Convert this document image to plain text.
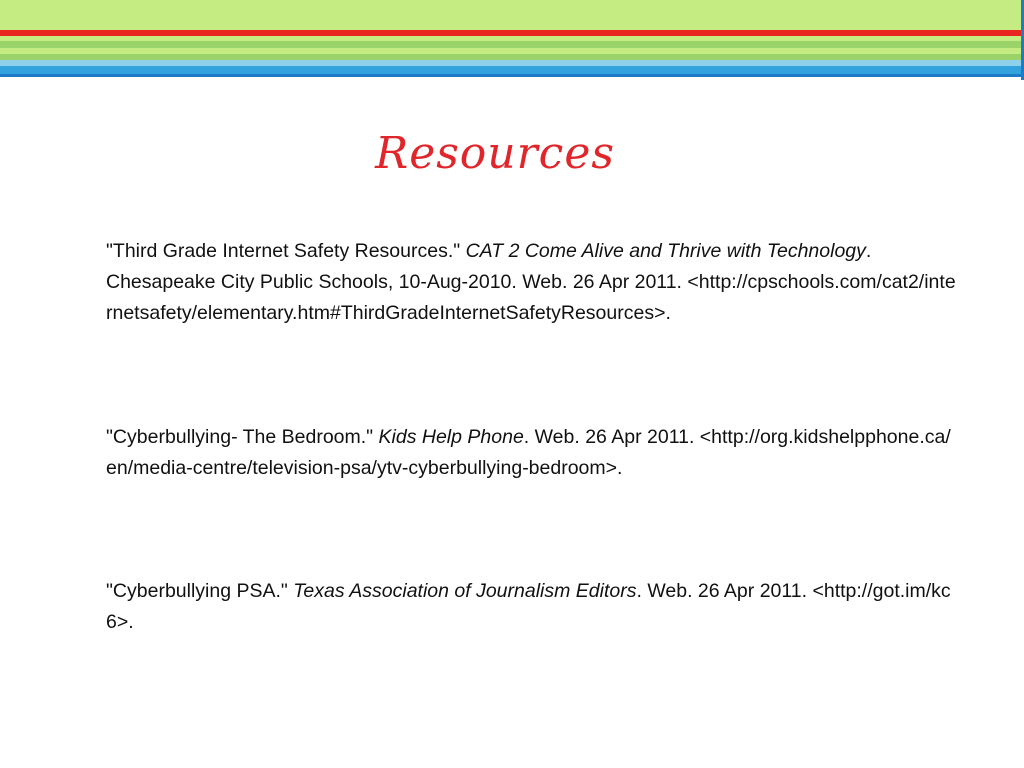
Resources
"Third Grade Internet Safety Resources." CAT 2 Come Alive and Thrive with Technology. Chesapeake City Public Schools, 10-Aug-2010. Web. 26 Apr 2011. <http://cpschools.com/cat2/internetsafety/elementary.htm#ThirdGradeInternetSafetyResources>.
"Cyberbullying- The Bedroom." Kids Help Phone. Web. 26 Apr 2011. <http://org.kidshelpphone.ca/en/media-centre/television-psa/ytv-cyberbullying-bedroom>.
"Cyberbullying PSA." Texas Association of Journalism Editors. Web. 26 Apr 2011. <http://got.im/kc6>.
